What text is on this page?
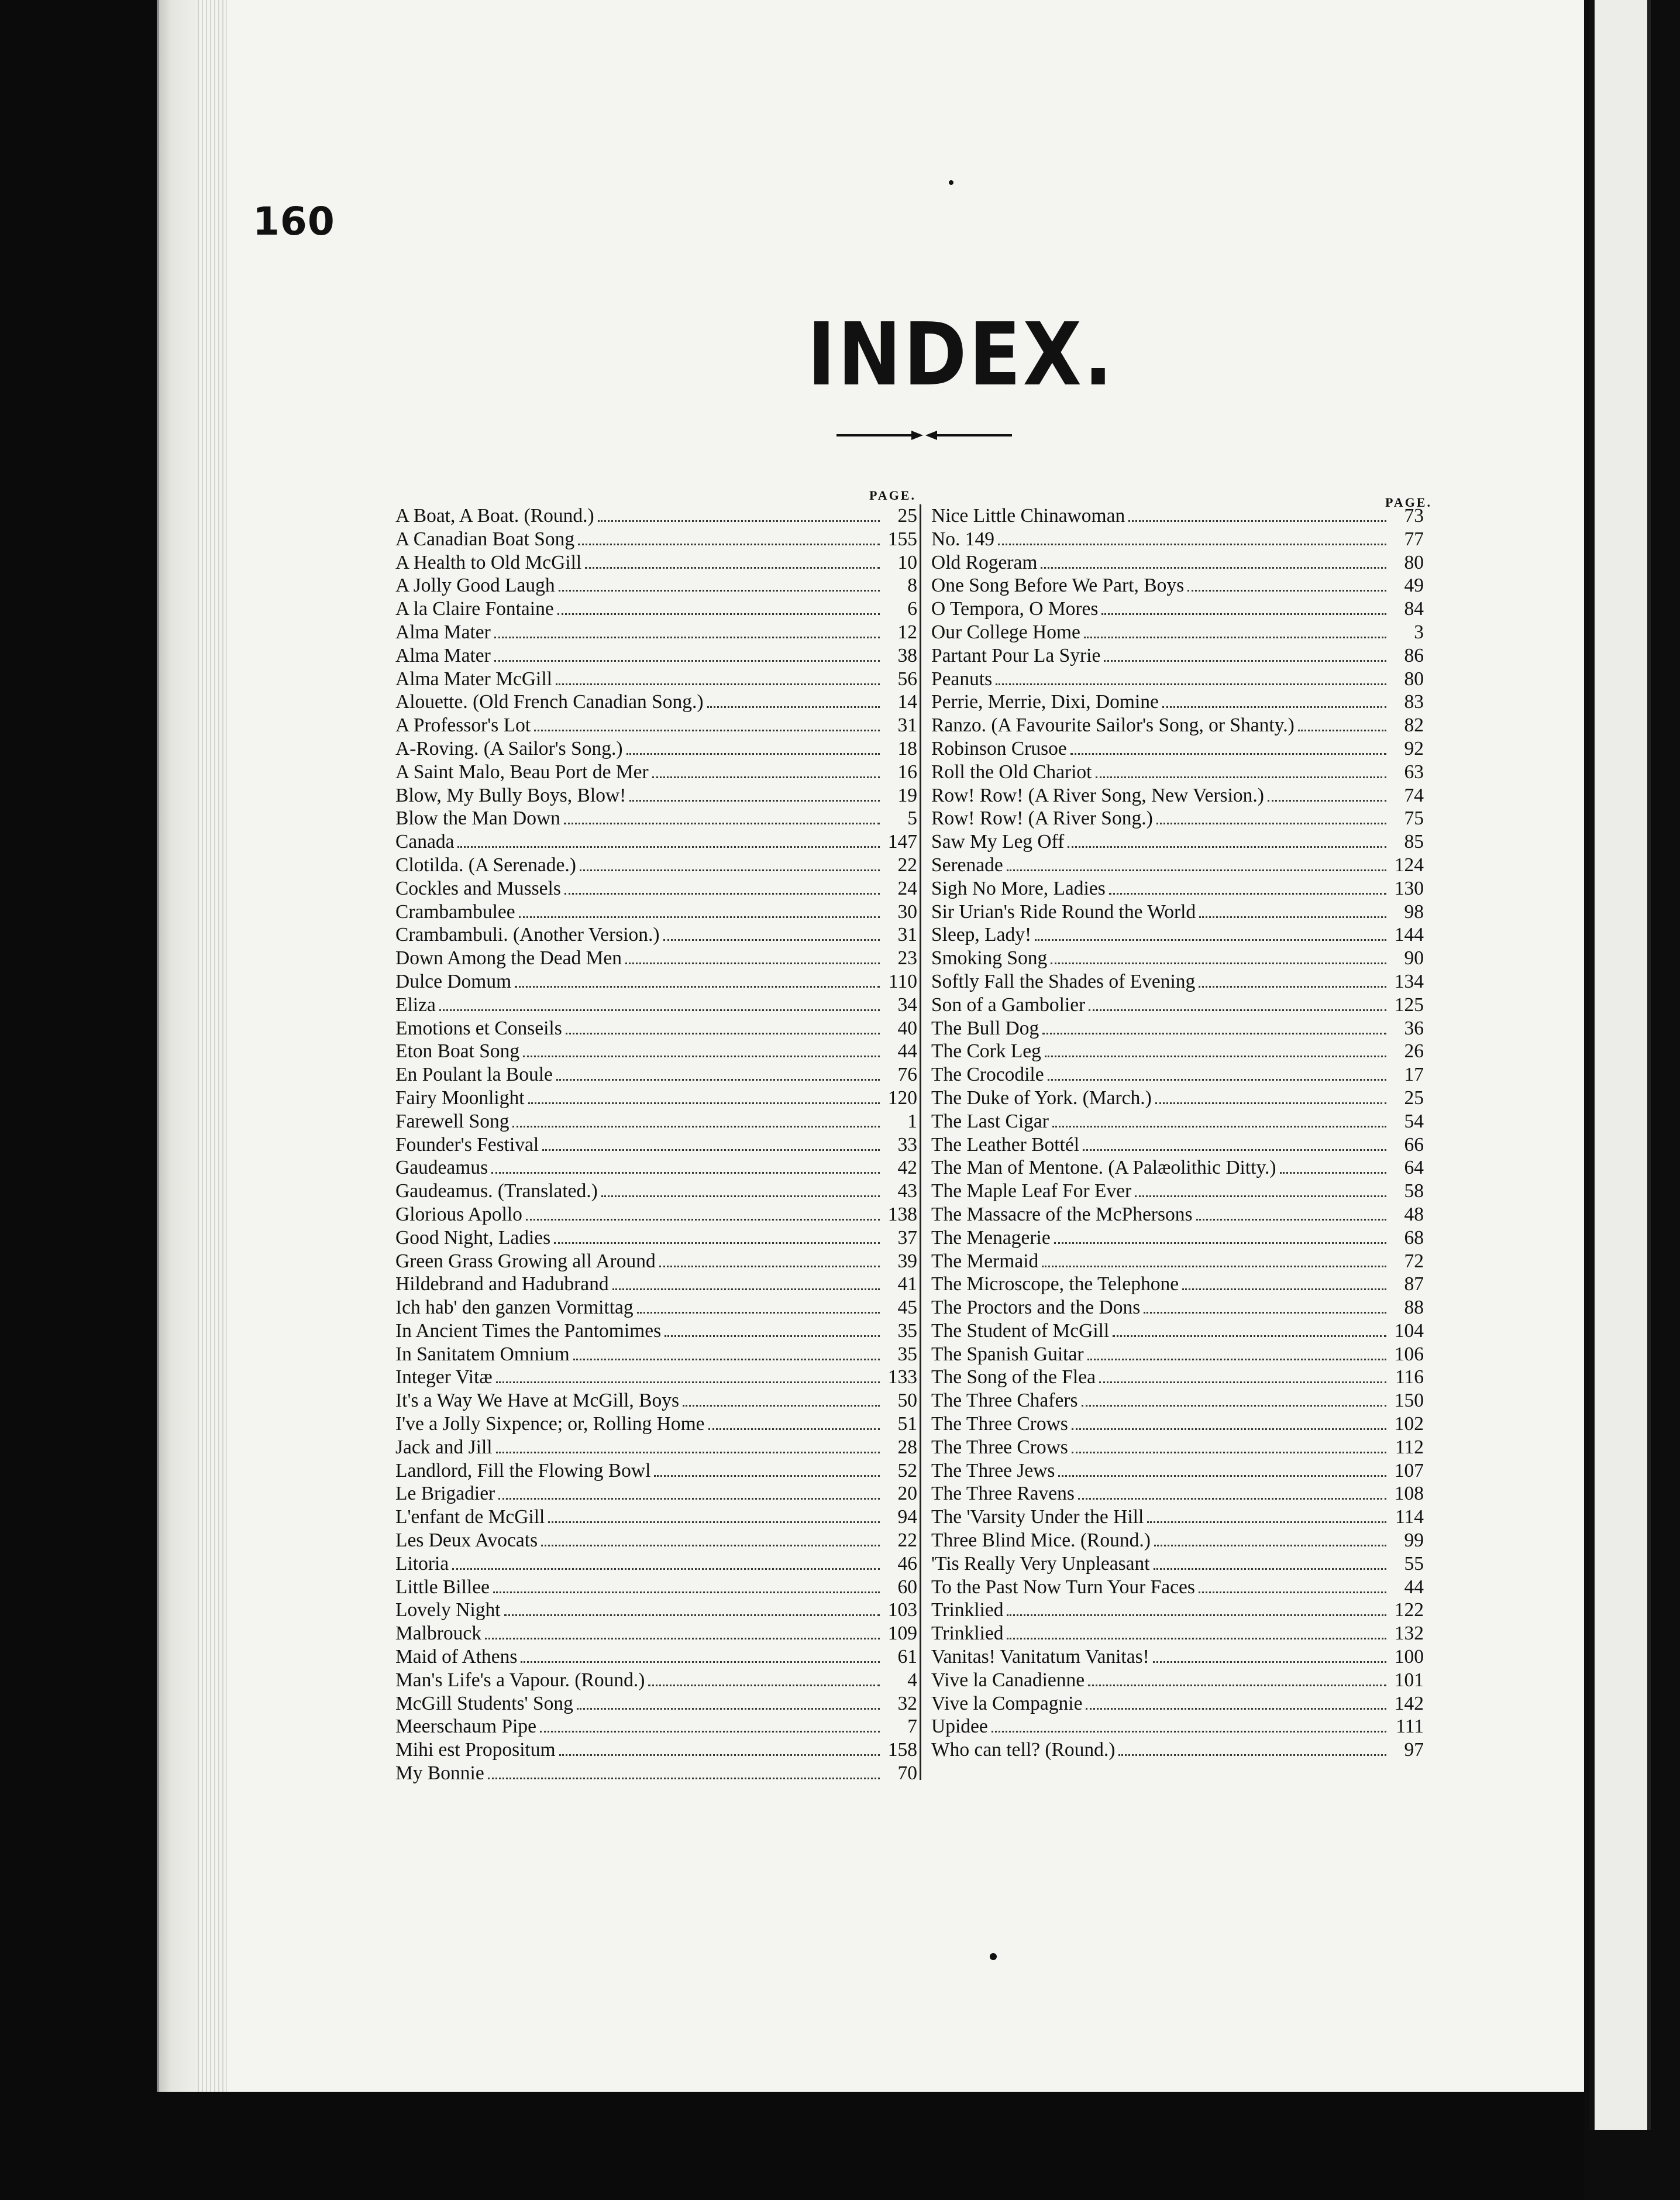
160
INDEX.
PAGE.	PAGE.
A Boat, A Boat. (Round.)	25
A Canadian Boat Song	155
A Health to Old McGill	10
A Jolly Good Laugh	8
A la Claire Fontaine	6
Alma Mater	12
Alma Mater	38
Alma Mater McGill	56
Alouette. (Old French Canadian Song.)	14
A Professor's Lot	31
A-Roving. (A Sailor's Song.)	18
A Saint Malo, Beau Port de Mer	16
Blow, My Bully Boys, Blow!	19
Blow the Man Down	5
Canada	147
Clotilda. (A Serenade.)	22
Cockles and Mussels	24
Crambambulee	30
Crambambuli. (Another Version.)	31
Down Among the Dead Men	23
Dulce Domum	110
Eliza	34
Emotions et Conseils	40
Eton Boat Song	44
En Poulant la Boule	76
Fairy Moonlight	120
Farewell Song	1
Founder's Festival	33
Gaudeamus	42
Gaudeamus. (Translated.)	43
Glorious Apollo	138
Good Night, Ladies	37
Green Grass Growing all Around	39
Hildebrand and Hadubrand	41
Ich hab' den ganzen Vormittag	45
In Ancient Times the Pantomimes	35
In Sanitatem Omnium	35
Integer Vitæ	133
It's a Way We Have at McGill, Boys	50
I've a Jolly Sixpence; or, Rolling Home	51
Jack and Jill	28
Landlord, Fill the Flowing Bowl	52
Le Brigadier	20
L'enfant de McGill	94
Les Deux Avocats	22
Litoria	46
Little Billee	60
Lovely Night	103
Malbrouck	109
Maid of Athens	61
Man's Life's a Vapour. (Round.)	4
McGill Students' Song	32
Meerschaum Pipe	7
Mihi est Propositum	158
My Bonnie	70
Nice Little Chinawoman	73
No. 149	77
Old Rogeram	80
One Song Before We Part, Boys	49
O Tempora, O Mores	84
Our College Home	3
Partant Pour La Syrie	86
Peanuts	80
Perrie, Merrie, Dixi, Domine	83
Ranzo. (A Favourite Sailor's Song, or Shanty.)	82
Robinson Crusoe	92
Roll the Old Chariot	63
Row! Row! (A River Song, New Version.)	74
Row! Row! (A River Song.)	75
Saw My Leg Off	85
Serenade	124
Sigh No More, Ladies	130
Sir Urian's Ride Round the World	98
Sleep, Lady!	144
Smoking Song	90
Softly Fall the Shades of Evening	134
Son of a Gambolier	125
The Bull Dog	36
The Cork Leg	26
The Crocodile	17
The Duke of York. (March.)	25
The Last Cigar	54
The Leather Bottél	66
The Man of Mentone. (A Palæolithic Ditty.)	64
The Maple Leaf For Ever	58
The Massacre of the McPhersons	48
The Menagerie	68
The Mermaid	72
The Microscope, the Telephone	87
The Proctors and the Dons	88
The Student of McGill	104
The Spanish Guitar	106
The Song of the Flea	116
The Three Chafers	150
The Three Crows	102
The Three Crows	112
The Three Jews	107
The Three Ravens	108
The 'Varsity Under the Hill	114
Three Blind Mice. (Round.)	99
'Tis Really Very Unpleasant	55
To the Past Now Turn Your Faces	44
Trinklied	122
Trinklied	132
Vanitas! Vanitatum Vanitas!	100
Vive la Canadienne	101
Vive la Compagnie	142
Upidee	111
Who can tell? (Round.)	97
